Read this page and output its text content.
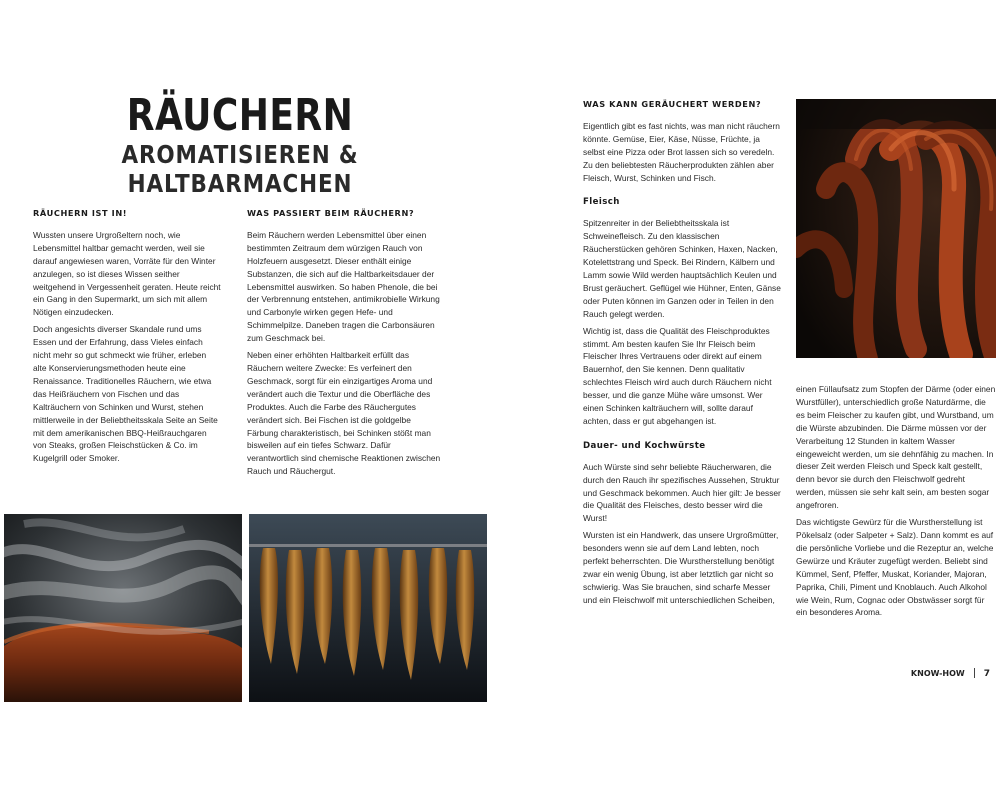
RÄUCHERN
AROMATISIEREN & HALTBARMACHEN
RÄUCHERN IST IN!

Wussten unsere Urgroßeltern noch, wie Lebensmittel haltbar gemacht werden, weil sie darauf angewiesen waren, Vorräte für den Winter anzulegen, so ist dieses Wissen seither weitgehend in Vergessenheit geraten. Heute reicht ein Gang in den Supermarkt, um sich mit allem Nötigen einzudecken.

Doch angesichts diverser Skandale rund ums Essen und der Erfahrung, dass Vieles einfach nicht mehr so gut schmeckt wie früher, erleben alte Konservierungsmethoden heute eine Renaissance. Traditionelles Räuchern, wie etwa das Heißräuchern von Fischen und das Kalträuchern von Schinken und Wurst, stehen mittlerweile in der Beliebtheitsskala Seite an Seite mit dem amerikanischen BBQ-Heißrauchgaren von Steaks, großen Fleischstücken & Co. im Kugelgrill oder Smoker.

WAS PASSIERT BEIM RÄUCHERN?

Beim Räuchern werden Lebensmittel über einen bestimmten Zeitraum dem würzigen Rauch von Holzfeuern ausgesetzt. Dieser enthält einige Substanzen, die sich auf die Haltbarkeitsdauer der Lebensmittel auswirken. So haben Phenole, die bei der Verbrennung entstehen, antimikrobielle Wirkung und Carbonyle wirken gegen Hefe- und Schimmelpilze. Daneben tragen die Carbonsäuren zum Geschmack bei.

Neben einer erhöhten Haltbarkeit erfüllt das Räuchern weitere Zwecke: Es verfeinert den Geschmack, sorgt für ein einzigartiges Aroma und verändert auch die Textur und die Oberfläche des Produktes. Auch die Farbe des Räuchergutes verändert sich. Bei Fischen ist die goldgelbe Färbung charakteristisch, bei Schinken stößt man bisweilen auf ein tiefes Schwarz. Dafür verantwortlich sind chemische Reaktionen zwischen Rauch und Räuchergut.

WAS KANN GERÄUCHERT WERDEN?

Eigentlich gibt es fast nichts, was man nicht räuchern könnte. Gemüse, Eier, Käse, Nüsse, Früchte, ja selbst eine Pizza oder Brot lassen sich so veredeln. Zu den beliebtesten Räucherprodukten zählen aber Fleisch, Wurst, Schinken und Fisch.

Fleisch

Spitzenreiter in der Beliebtheitsskala ist Schweinefleisch. Zu den klassischen Räucherstücken gehören Schinken, Haxen, Nacken, Kotelettstrang und Speck. Bei Rindern, Kälbern und Lamm sowie Wild werden hauptsächlich Keulen und Brust geräuchert. Geflügel wie Hühner, Enten, Gänse oder Puten können im Ganzen oder in Teilen in den Rauch gelegt werden.

Wichtig ist, dass die Qualität des Fleischproduktes stimmt. Am besten kaufen Sie Ihr Fleisch beim Fleischer Ihres Vertrauens oder direkt auf einem Bauernhof, den Sie kennen. Denn qualitativ schlechtes Fleisch wird auch durch Räuchern nicht besser, und die ganze Mühe wäre umsonst. Wer einen Schinken kalträuchern will, sollte darauf achten, dass er gut abgehangen ist.

Dauer- und Kochwürste

Auch Würste sind sehr beliebte Räucherwaren, die durch den Rauch ihr spezifisches Aussehen, Struktur und Geschmack bekommen. Auch hier gilt: Je besser die Qualität des Fleisches, desto besser wird die Wurst!

Wursten ist ein Handwerk, das unsere Urgroßmütter, besonders wenn sie auf dem Land lebten, noch perfekt beherrschten. Die Wurstherstellung benötigt zwar ein wenig Übung, ist aber letztlich gar nicht so schwierig. Was Sie brauchen, sind scharfe Messer und ein Fleischwolf mit unterschiedlichen Scheiben,

einen Füllaufsatz zum Stopfen der Därme (oder einen Wurstfüller), unterschiedlich große Naturdärme, die es beim Fleischer zu kaufen gibt, und Wurstband, um die Würste abzubinden. Die Därme müssen vor der Verarbeitung 12 Stunden in kaltem Wasser eingeweicht werden, um sie dehnfähig zu machen. In dieser Zeit werden Fleisch und Speck kalt gestellt, denn bevor sie durch den Fleischwolf gedreht werden, müssen sie sehr kalt sein, am besten sogar angefroren.

Das wichtigste Gewürz für die Wurstherstellung ist Pökelsalz (oder Salpeter + Salz). Dann kommt es auf die persönliche Vorliebe und die Rezeptur an, welche Gewürze und Kräuter zugefügt werden. Beliebt sind Kümmel, Senf, Pfeffer, Muskat, Koriander, Majoran, Paprika, Chili, Piment und Knoblauch. Auch Alkohol wie Wein, Rum, Cognac oder Obstwässer sorgt für ein besonderes Aroma.

KNOW-HOW 7
